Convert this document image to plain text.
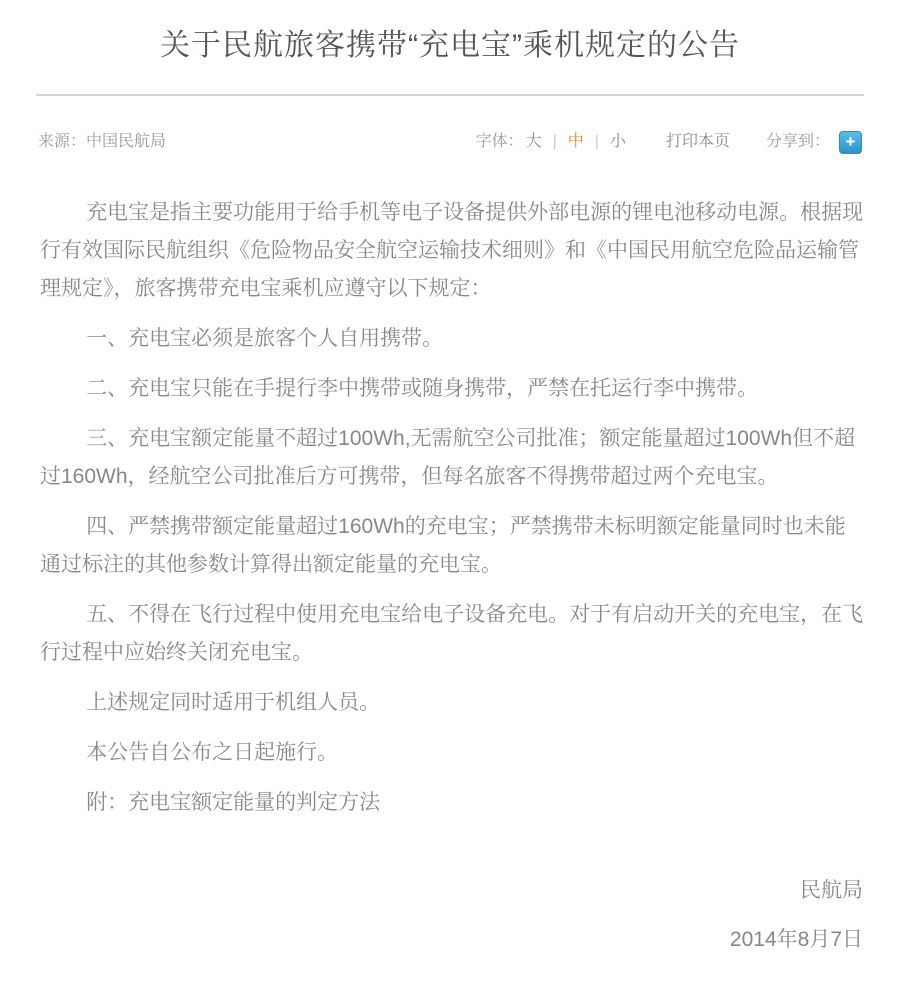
关于民航旅客携带“充电宝”乘机规定的公告
来源：中国民航局	字体： 大 | 中 | 小	打印本页 分享到： +

充电宝是指主要功能用于给手机等电子设备提供外部电源的锂电池移动电源。根据现行有效国际民航组织《危险物品安全航空运输技术细则》和《中国民用航空危险品运输管理规定》，旅客携带充电宝乘机应遵守以下规定：

一、充电宝必须是旅客个人自用携带。

二、充电宝只能在手提行李中携带或随身携带，严禁在托运行李中携带。

三、充电宝额定能量不超过100Wh,无需航空公司批准；额定能量超过100Wh但不超过160Wh，经航空公司批准后方可携带，但每名旅客不得携带超过两个充电宝。

四、严禁携带额定能量超过160Wh的充电宝；严禁携带未标明额定能量同时也未能通过标注的其他参数计算得出额定能量的充电宝。

五、不得在飞行过程中使用充电宝给电子设备充电。对于有启动开关的充电宝，在飞行过程中应始终关闭充电宝。

上述规定同时适用于机组人员。

本公告自公布之日起施行。

附：充电宝额定能量的判定方法

民航局

2014年8月7日
